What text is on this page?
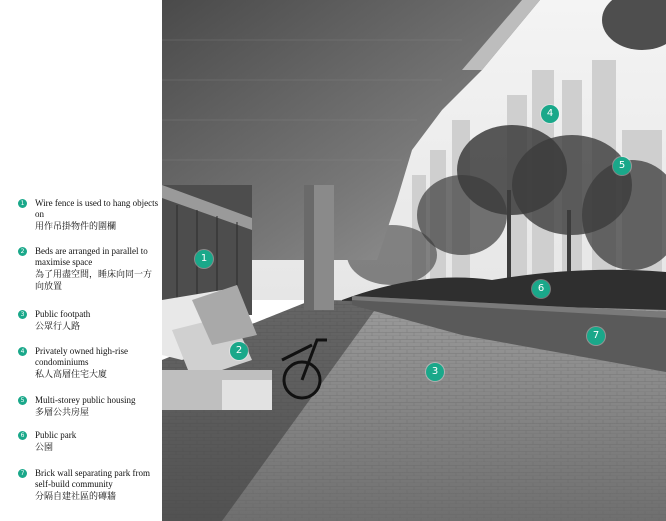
1 Wire fence is used to hang objects on
用作吊掛物件的圍欄
2 Beds are arranged in parallel to maximise space
為了用盡空間，睡床向同一方向放置
3 Public footpath
公眾行人路
4 Privately owned high-rise condominiums
私人高層住宅大廈
5 Multi-storey public housing
多層公共房屋
6 Public park
公園
7 Brick wall separating park from self-build community
分隔自建社區的磚牆
1
2
3
4
5
6
7
